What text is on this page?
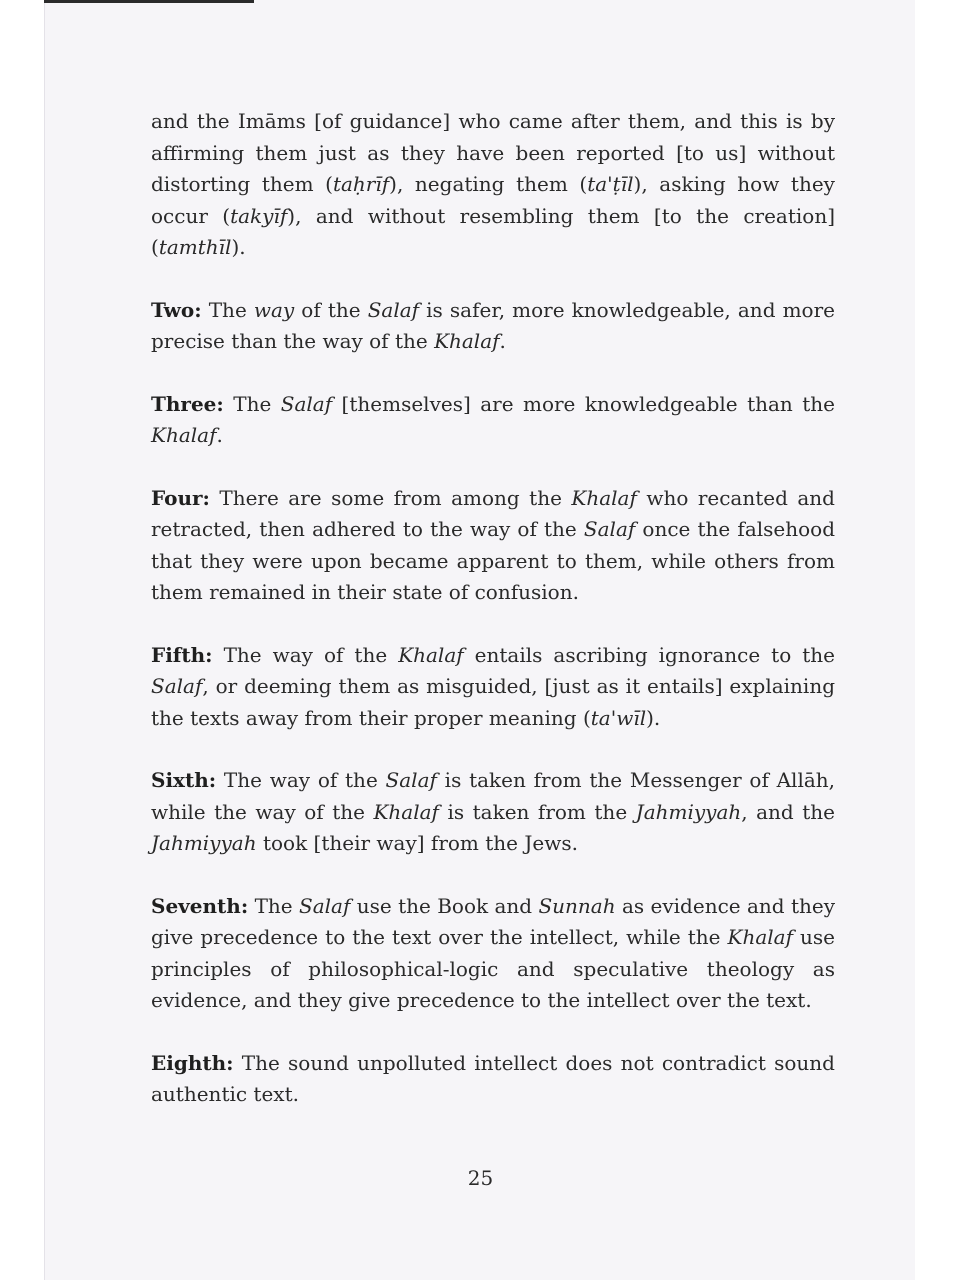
and the Imāms [of guidance] who came after them, and this is by affirming them just as they have been reported [to us] without distorting them (taḥrīf), negating them (ta'ṭīl), asking how they occur (takyīf), and without resembling them [to the creation] (tamthīl).

Two: The way of the Salaf is safer, more knowledgeable, and more precise than the way of the Khalaf.

Three: The Salaf [themselves] are more knowledgeable than the Khalaf.

Four: There are some from among the Khalaf who recanted and retracted, then adhered to the way of the Salaf once the falsehood that they were upon became apparent to them, while others from them remained in their state of confusion.

Fifth: The way of the Khalaf entails ascribing ignorance to the Salaf, or deeming them as misguided, [just as it entails] explaining the texts away from their proper meaning (ta'wīl).

Sixth: The way of the Salaf is taken from the Messenger of Allāh, while the way of the Khalaf is taken from the Jahmiyyah, and the Jahmiyyah took [their way] from the Jews.

Seventh: The Salaf use the Book and Sunnah as evidence and they give precedence to the text over the intellect, while the Khalaf use principles of philosophical-logic and speculative theology as evidence, and they give precedence to the intellect over the text.

Eighth: The sound unpolluted intellect does not contradict sound authentic text.

25
